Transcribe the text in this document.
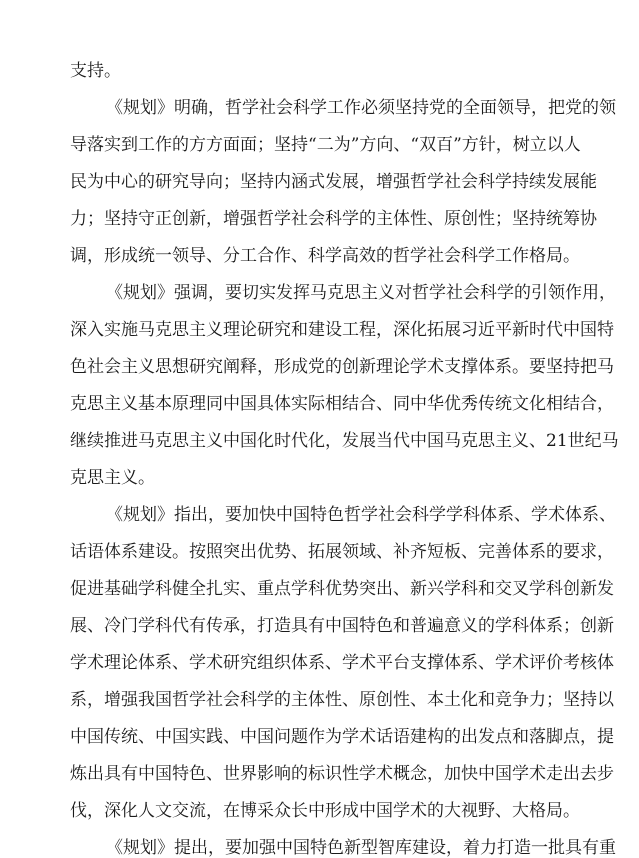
支持。
《规划》明确，哲学社会科学工作必须坚持党的全面领导，把党的领
导落实到工作的方方面面；坚持“二为”方向、“双百”方针，树立以人
民为中心的研究导向；坚持内涵式发展，增强哲学社会科学持续发展能
力；坚持守正创新，增强哲学社会科学的主体性、原创性；坚持统筹协
调，形成统一领导、分工合作、科学高效的哲学社会科学工作格局。
《规划》强调，要切实发挥马克思主义对哲学社会科学的引领作用，
深入实施马克思主义理论研究和建设工程，深化拓展习近平新时代中国特
色社会主义思想研究阐释，形成党的创新理论学术支撑体系。要坚持把马
克思主义基本原理同中国具体实际相结合、同中华优秀传统文化相结合，
继续推进马克思主义中国化时代化，发展当代中国马克思主义、21世纪马
克思主义。
《规划》指出，要加快中国特色哲学社会科学学科体系、学术体系、
话语体系建设。按照突出优势、拓展领域、补齐短板、完善体系的要求，
促进基础学科健全扎实、重点学科优势突出、新兴学科和交叉学科创新发
展、冷门学科代有传承，打造具有中国特色和普遍意义的学科体系；创新
学术理论体系、学术研究组织体系、学术平台支撑体系、学术评价考核体
系，增强我国哲学社会科学的主体性、原创性、本土化和竞争力；坚持以
中国传统、中国实践、中国问题作为学术话语建构的出发点和落脚点，提
炼出具有中国特色、世界影响的标识性学术概念，加快中国学术走出去步
伐，深化人文交流，在博采众长中形成中国学术的大视野、大格局。
《规划》提出，要加强中国特色新型智库建设，着力打造一批具有重
